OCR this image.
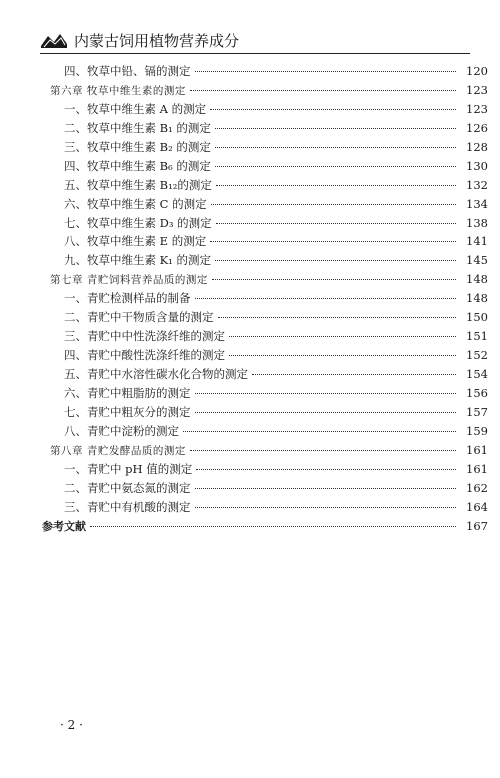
内蒙古饲用植物营养成分
四、牧草中铅、镉的测定	120
第六章 牧草中维生素的测定	123
一、牧草中维生素 A 的测定	123
二、牧草中维生素 B₁ 的测定	126
三、牧草中维生素 B₂ 的测定	128
四、牧草中维生素 B₆ 的测定	130
五、牧草中维生素 B₁₂的测定	132
六、牧草中维生素 C 的测定	134
七、牧草中维生素 D₃ 的测定	138
八、牧草中维生素 E 的测定	141
九、牧草中维生素 K₁ 的测定	145
第七章 青贮饲料营养品质的测定	148
一、青贮检测样品的制备	148
二、青贮中干物质含量的测定	150
三、青贮中中性洗涤纤维的测定	151
四、青贮中酸性洗涤纤维的测定	152
五、青贮中水溶性碳水化合物的测定	154
六、青贮中粗脂肪的测定	156
七、青贮中粗灰分的测定	157
八、青贮中淀粉的测定	159
第八章 青贮发酵品质的测定	161
一、青贮中 pH 值的测定	161
二、青贮中氨态氮的测定	162
三、青贮中有机酸的测定	164
参考文献	167
· 2 ·
